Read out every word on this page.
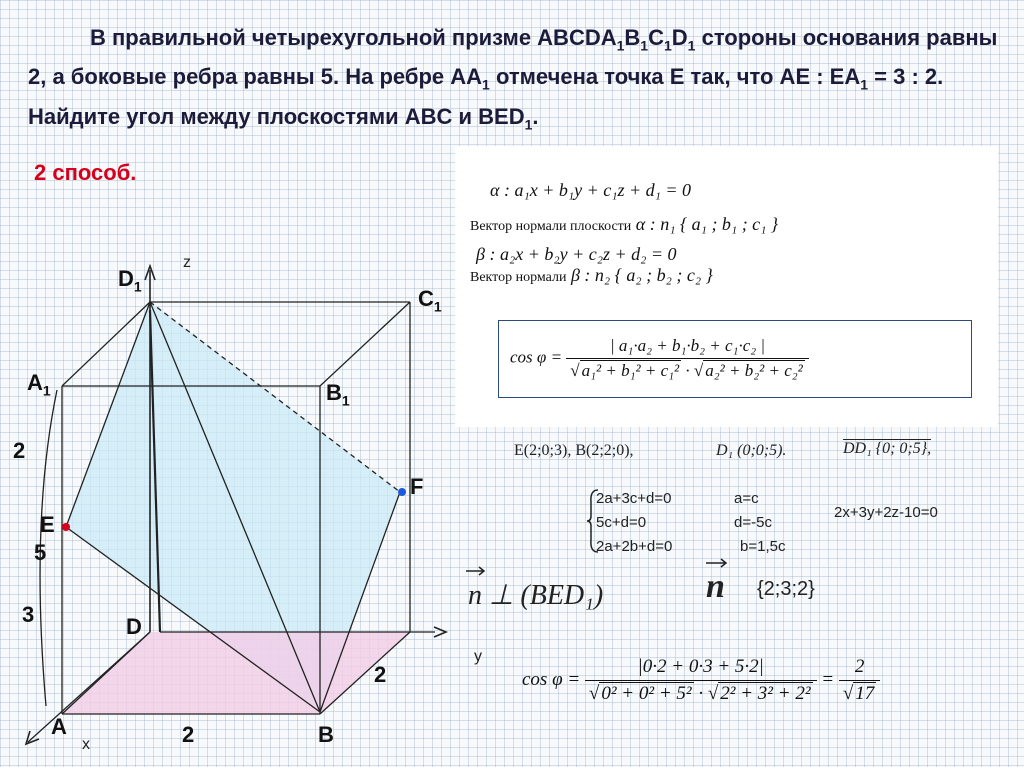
В правильной четырехугольной призме $ABCDA_1B_1C_1D_1$ стороны основания равны 2, а боковые ребра равны 5. На ребре $AA_1$ отмечена точка Е так, что AE : $EA_1 = 3$ : 2. Найдите угол между плоскостями ABC и $BED_1$.
2 способ.
α : a₁x + b₁y + c₁z + d₁ = 0
Вектор нормали плоскости α : n₁ { a₁ ; b₁ ; c₁ }
β : a₂x + b₂y + c₂z + d₂ = 0
Вектор нормали β : n₂ { a₂ ; b₂ ; c₂ }
$\cos \varphi = \frac{\text{| a₁·a₂ + b₁·b₂ + c₁·c₂ |}}{\text{√ a₁² + b₁² + c₁² · √ a₂² + b₂² + c₂²}}$
E(2;0;3), B(2;2;0),	D₁ (0;0;5).	DD₁ {0; 0;5},
2a+3c+d=0
5c+d=0
2a+2b+d=0
a=c
d=-5c
b=1,5c
2x+3y+2z-10=0
n ⊥ (BED₁)	n {2;3;2}
$\cos \varphi = \frac{|0\cdot 2 + 0\cdot 3 + 5\cdot 2|}{\text{√ 0² + 0² + 5² · √ 2² + 3² + 2²}} = \frac{2}{√ 17}$
z
y
x
$D_1$	$C_1$
$A_1$	$B_1$
F
E
D
A	B
2
5
3
2
2
